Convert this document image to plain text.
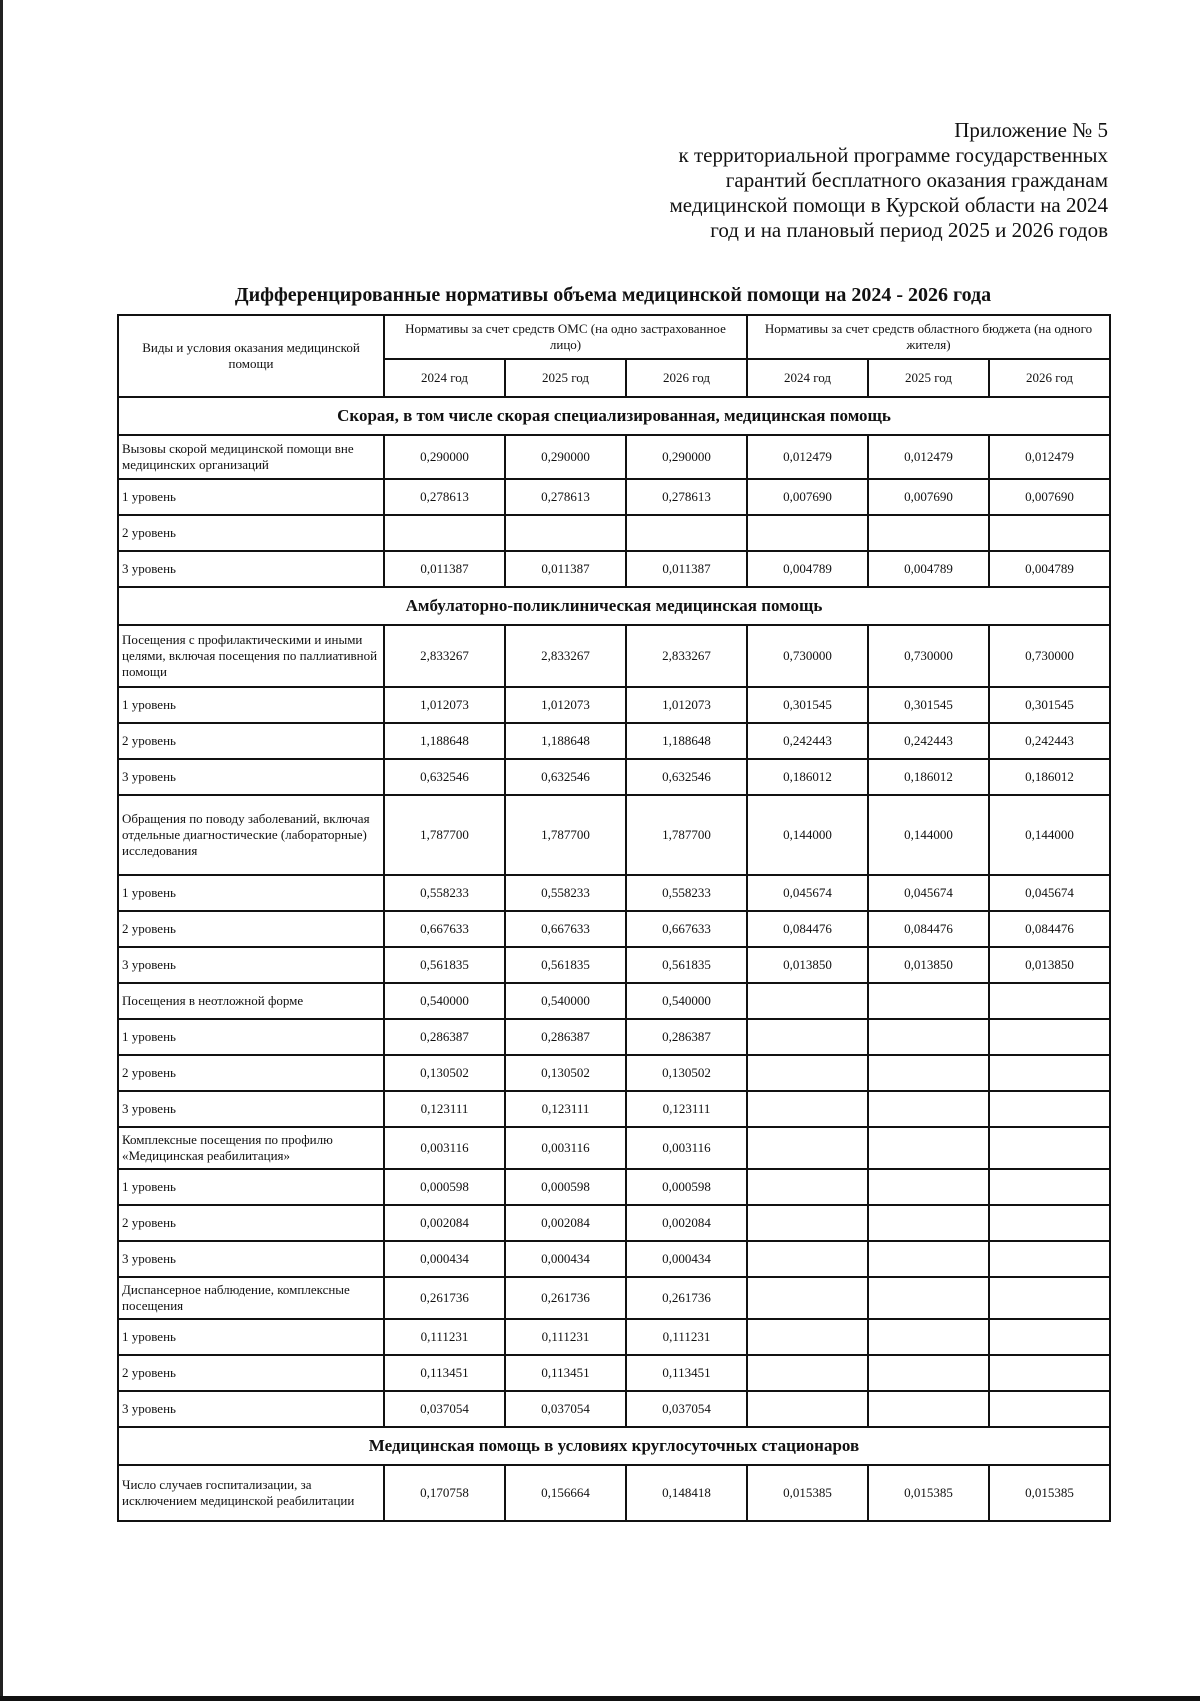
Приложение № 5
к территориальной программе государственных
гарантий бесплатного оказания гражданам
медицинской помощи в Курской области на 2024
год и на плановый период 2025 и 2026 годов
Дифференцированные нормативы объема медицинской помощи на 2024 - 2026 года
Виды и условия оказания медицинской помощи	Нормативы за счет средств ОМС (на одно застрахованное лицо)			Нормативы за счет средств областного бюджета (на одного жителя)		
	2024 год	2025 год	2026 год	2024 год	2025 год	2026 год
Скорая, в том числе скорая специализированная, медицинская помощь						
Вызовы скорой медицинской помощи вне медицинских организаций	0,290000	0,290000	0,290000	0,012479	0,012479	0,012479
1 уровень	0,278613	0,278613	0,278613	0,007690	0,007690	0,007690
2 уровень						
3 уровень	0,011387	0,011387	0,011387	0,004789	0,004789	0,004789
Амбулаторно-поликлиническая медицинская помощь						
Посещения с профилактическими и иными целями, включая посещения по паллиативной помощи	2,833267	2,833267	2,833267	0,730000	0,730000	0,730000
1 уровень	1,012073	1,012073	1,012073	0,301545	0,301545	0,301545
2 уровень	1,188648	1,188648	1,188648	0,242443	0,242443	0,242443
3 уровень	0,632546	0,632546	0,632546	0,186012	0,186012	0,186012
Обращения по поводу заболеваний, включая отдельные диагностические (лабораторные) исследования	1,787700	1,787700	1,787700	0,144000	0,144000	0,144000
1 уровень	0,558233	0,558233	0,558233	0,045674	0,045674	0,045674
2 уровень	0,667633	0,667633	0,667633	0,084476	0,084476	0,084476
3 уровень	0,561835	0,561835	0,561835	0,013850	0,013850	0,013850
Посещения в неотложной форме	0,540000	0,540000	0,540000			
1 уровень	0,286387	0,286387	0,286387			
2 уровень	0,130502	0,130502	0,130502			
3 уровень	0,123111	0,123111	0,123111			
Комплексные посещения по профилю «Медицинская реабилитация»	0,003116	0,003116	0,003116			
1 уровень	0,000598	0,000598	0,000598			
2 уровень	0,002084	0,002084	0,002084			
3 уровень	0,000434	0,000434	0,000434			
Диспансерное наблюдение, комплексные посещения	0,261736	0,261736	0,261736			
1 уровень	0,111231	0,111231	0,111231			
2 уровень	0,113451	0,113451	0,113451			
3 уровень	0,037054	0,037054	0,037054			
Медицинская помощь в условиях круглосуточных стационаров						
Число случаев госпитализации, за исключением медицинской реабилитации	0,170758	0,156664	0,148418	0,015385	0,015385	0,015385
